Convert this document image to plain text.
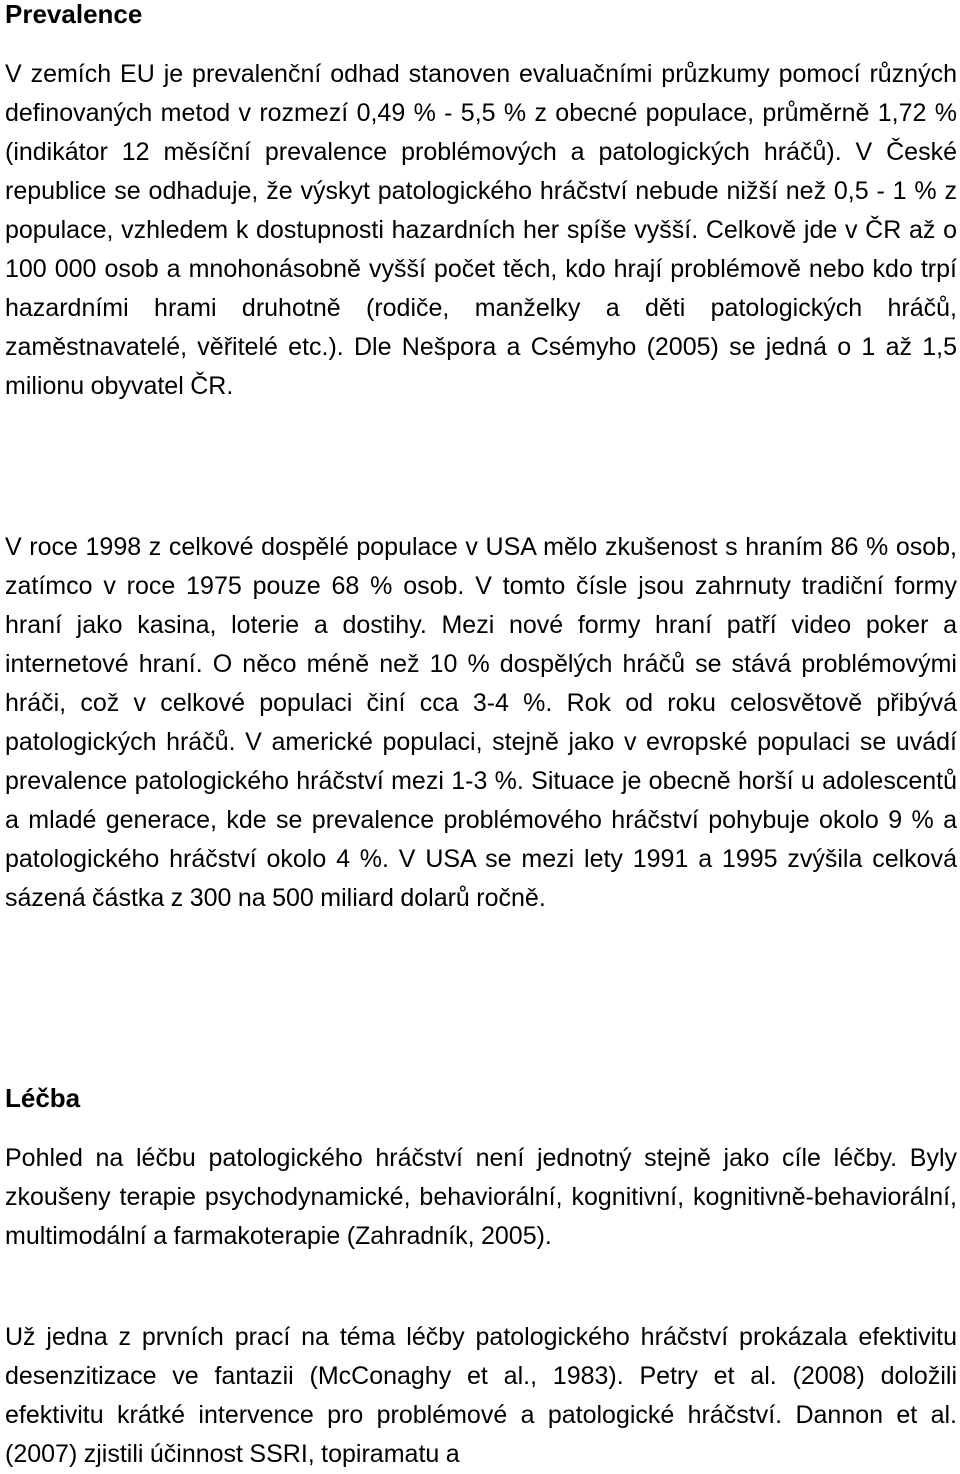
Prevalence

V zemích EU je prevalenční odhad stanoven evaluačními průzkumy pomocí různých definovaných metod v rozmezí 0,49 % - 5,5 % z obecné populace, průměrně 1,72 % (indikátor 12 měsíční prevalence problémových a patologických hráčů). V České republice se odhaduje, že výskyt patologického hráčství nebude nižší než 0,5 - 1 % z populace, vzhledem k dostupnosti hazardních her spíše vyšší. Celkově jde v ČR až o 100 000 osob a mnohonásobně vyšší počet těch, kdo hrají problémově nebo kdo trpí hazardními hrami druhotně (rodiče, manželky a děti patologických hráčů, zaměstnavatelé, věřitelé etc.). Dle Nešpora a Csémyho (2005) se jedná o 1 až 1,5 milionu obyvatel ČR.

V roce 1998 z celkové dospělé populace v USA mělo zkušenost s hraním 86 % osob, zatímco v roce 1975 pouze 68 % osob. V tomto čísle jsou zahrnuty tradiční formy hraní jako kasina, loterie a dostihy. Mezi nové formy hraní patří video poker a internetové hraní. O něco méně než 10 % dospělých hráčů se stává problémovými hráči, což v celkové populaci činí cca 3-4 %. Rok od roku celosvětově přibývá patologických hráčů. V americké populaci, stejně jako v evropské populaci se uvádí prevalence patologického hráčství mezi 1-3 %. Situace je obecně horší u adolescentů a mladé generace, kde se prevalence problémového hráčství pohybuje okolo 9 % a patologického hráčství okolo 4 %. V USA se mezi lety 1991 a 1995 zvýšila celková sázená částka z 300 na 500 miliard dolarů ročně.

Léčba

Pohled na léčbu patologického hráčství není jednotný stejně jako cíle léčby. Byly zkoušeny terapie psychodynamické, behaviorální, kognitivní, kognitivně-behaviorální, multimodální a farmakoterapie (Zahradník, 2005).

Už jedna z prvních prací na téma léčby patologického hráčství prokázala efektivitu desenzitizace ve fantazii (McConaghy et al., 1983). Petry et al. (2008) doložili efektivitu krátké intervence pro problémové a patologické hráčství. Dannon et al. (2007) zjistili účinnost SSRI, topiramatu a
